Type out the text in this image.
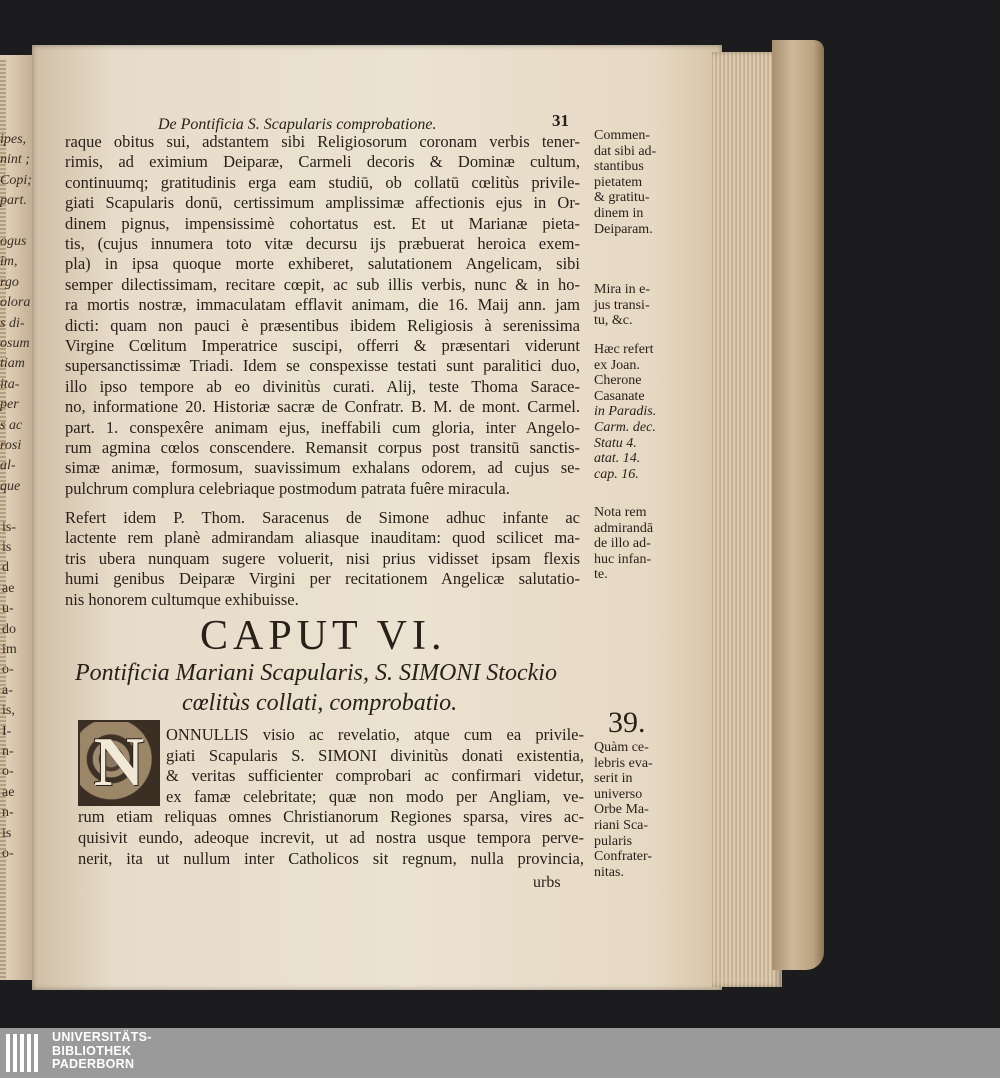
ipes,
nint ;
Copi;
part.
ogus
im,
rgo
olora
s di-
osum
tiam
ita-
per
s ac
rosi
al-
que
is-
is
d
ae
u-
do
im
o-
a-
is,
I-
n-
o-
ae
n-
is
o-
De Pontificia S. Scapularis comprobatione.	31
raque obitus sui, adstantem sibi Religiosorum coronam verbis tener-
rimis, ad eximium Deiparæ, Carmeli decoris & Dominæ cultum,
continuumq; gratitudinis erga eam studiū, ob collatū cœlitùs privile-
giati Scapularis donū, certissimum amplissimæ affectionis ejus in Or-
dinem pignus, impensissimè cohortatus est. Et ut Marianæ pieta-
tis, (cujus innumera toto vitæ decursu ijs præbuerat heroica exem-
pla) in ipsa quoque morte exhiberet, salutationem Angelicam, sibi
semper dilectissimam, recitare cœpit, ac sub illis verbis, nunc & in ho-
ra mortis nostræ, immaculatam efflavit animam, die 16. Maij ann. jam
dicti: quam non pauci è præsentibus ibidem Religiosis à serenissima
Virgine Cœlitum Imperatrice suscipi, offerri & præsentari viderunt
supersanctissimæ Triadi. Idem se conspexisse testati sunt paralitici duo,
illo ipso tempore ab eo divinitùs curati. Alij, teste Thoma Sarace-
no, informatione 20. Historiæ sacræ de Confratr. B. M. de mont. Carmel.
part. 1. conspexêre animam ejus, ineffabili cum gloria, inter Angelo-
rum agmina cœlos conscendere. Remansit corpus post transitū sanctis-
simæ animæ, formosum, suavissimum exhalans odorem, ad cujus se-
pulchrum complura celebriaque postmodum patrata fuêre miracula.
Refert idem P. Thom. Saracenus de Simone adhuc infante ac
lactente rem planè admirandam aliasque inauditam: quod scilicet ma-
tris ubera nunquam sugere voluerit, nisi prius vidisset ipsam flexis
humi genibus Deiparæ Virgini per recitationem Angelicæ salutatio-
nis honorem cultumque exhibuisse.
CAPUT VI.
Pontificia Mariani Scapularis, S. SIMONI Stockio
cœlitùs collati, comprobatio.
N	ONNULLIS visio ac revelatio, atque cum ea privile-
giati Scapularis S. SIMONI divinitùs donati existentia,
& veritas sufficienter comprobari ac confirmari videtur,
ex famæ celebritate; quæ non modo per Angliam, ve-
rum etiam reliquas omnes Christianorum Regiones sparsa, vires ac-
quisivit eundo, adeoque increvit, ut ad nostra usque tempora perve-
nerit, ita ut nullum inter Catholicos sit regnum, nulla provincia,
urbs
Commen-
dat sibi ad-
stantibus
pietatem
& gratitu-
dinem in
Deiparam.
Mira in e-
jus transi-
tu, &c.
Hæc refert
ex Joan.
Cherone
Casanate
in Paradis.
Carm. dec.
Statu 4.
atat. 14.
cap. 16.
Nota rem
admirandā
de illo ad-
huc infan-
te.
Quàm ce-
lebris eva-
serit in
universo
Orbe Ma-
riani Sca-
pularis
Confrater-
nitas.
39.
UNIVERSITÄTS-
BIBLIOTHEK
PADERBORN
